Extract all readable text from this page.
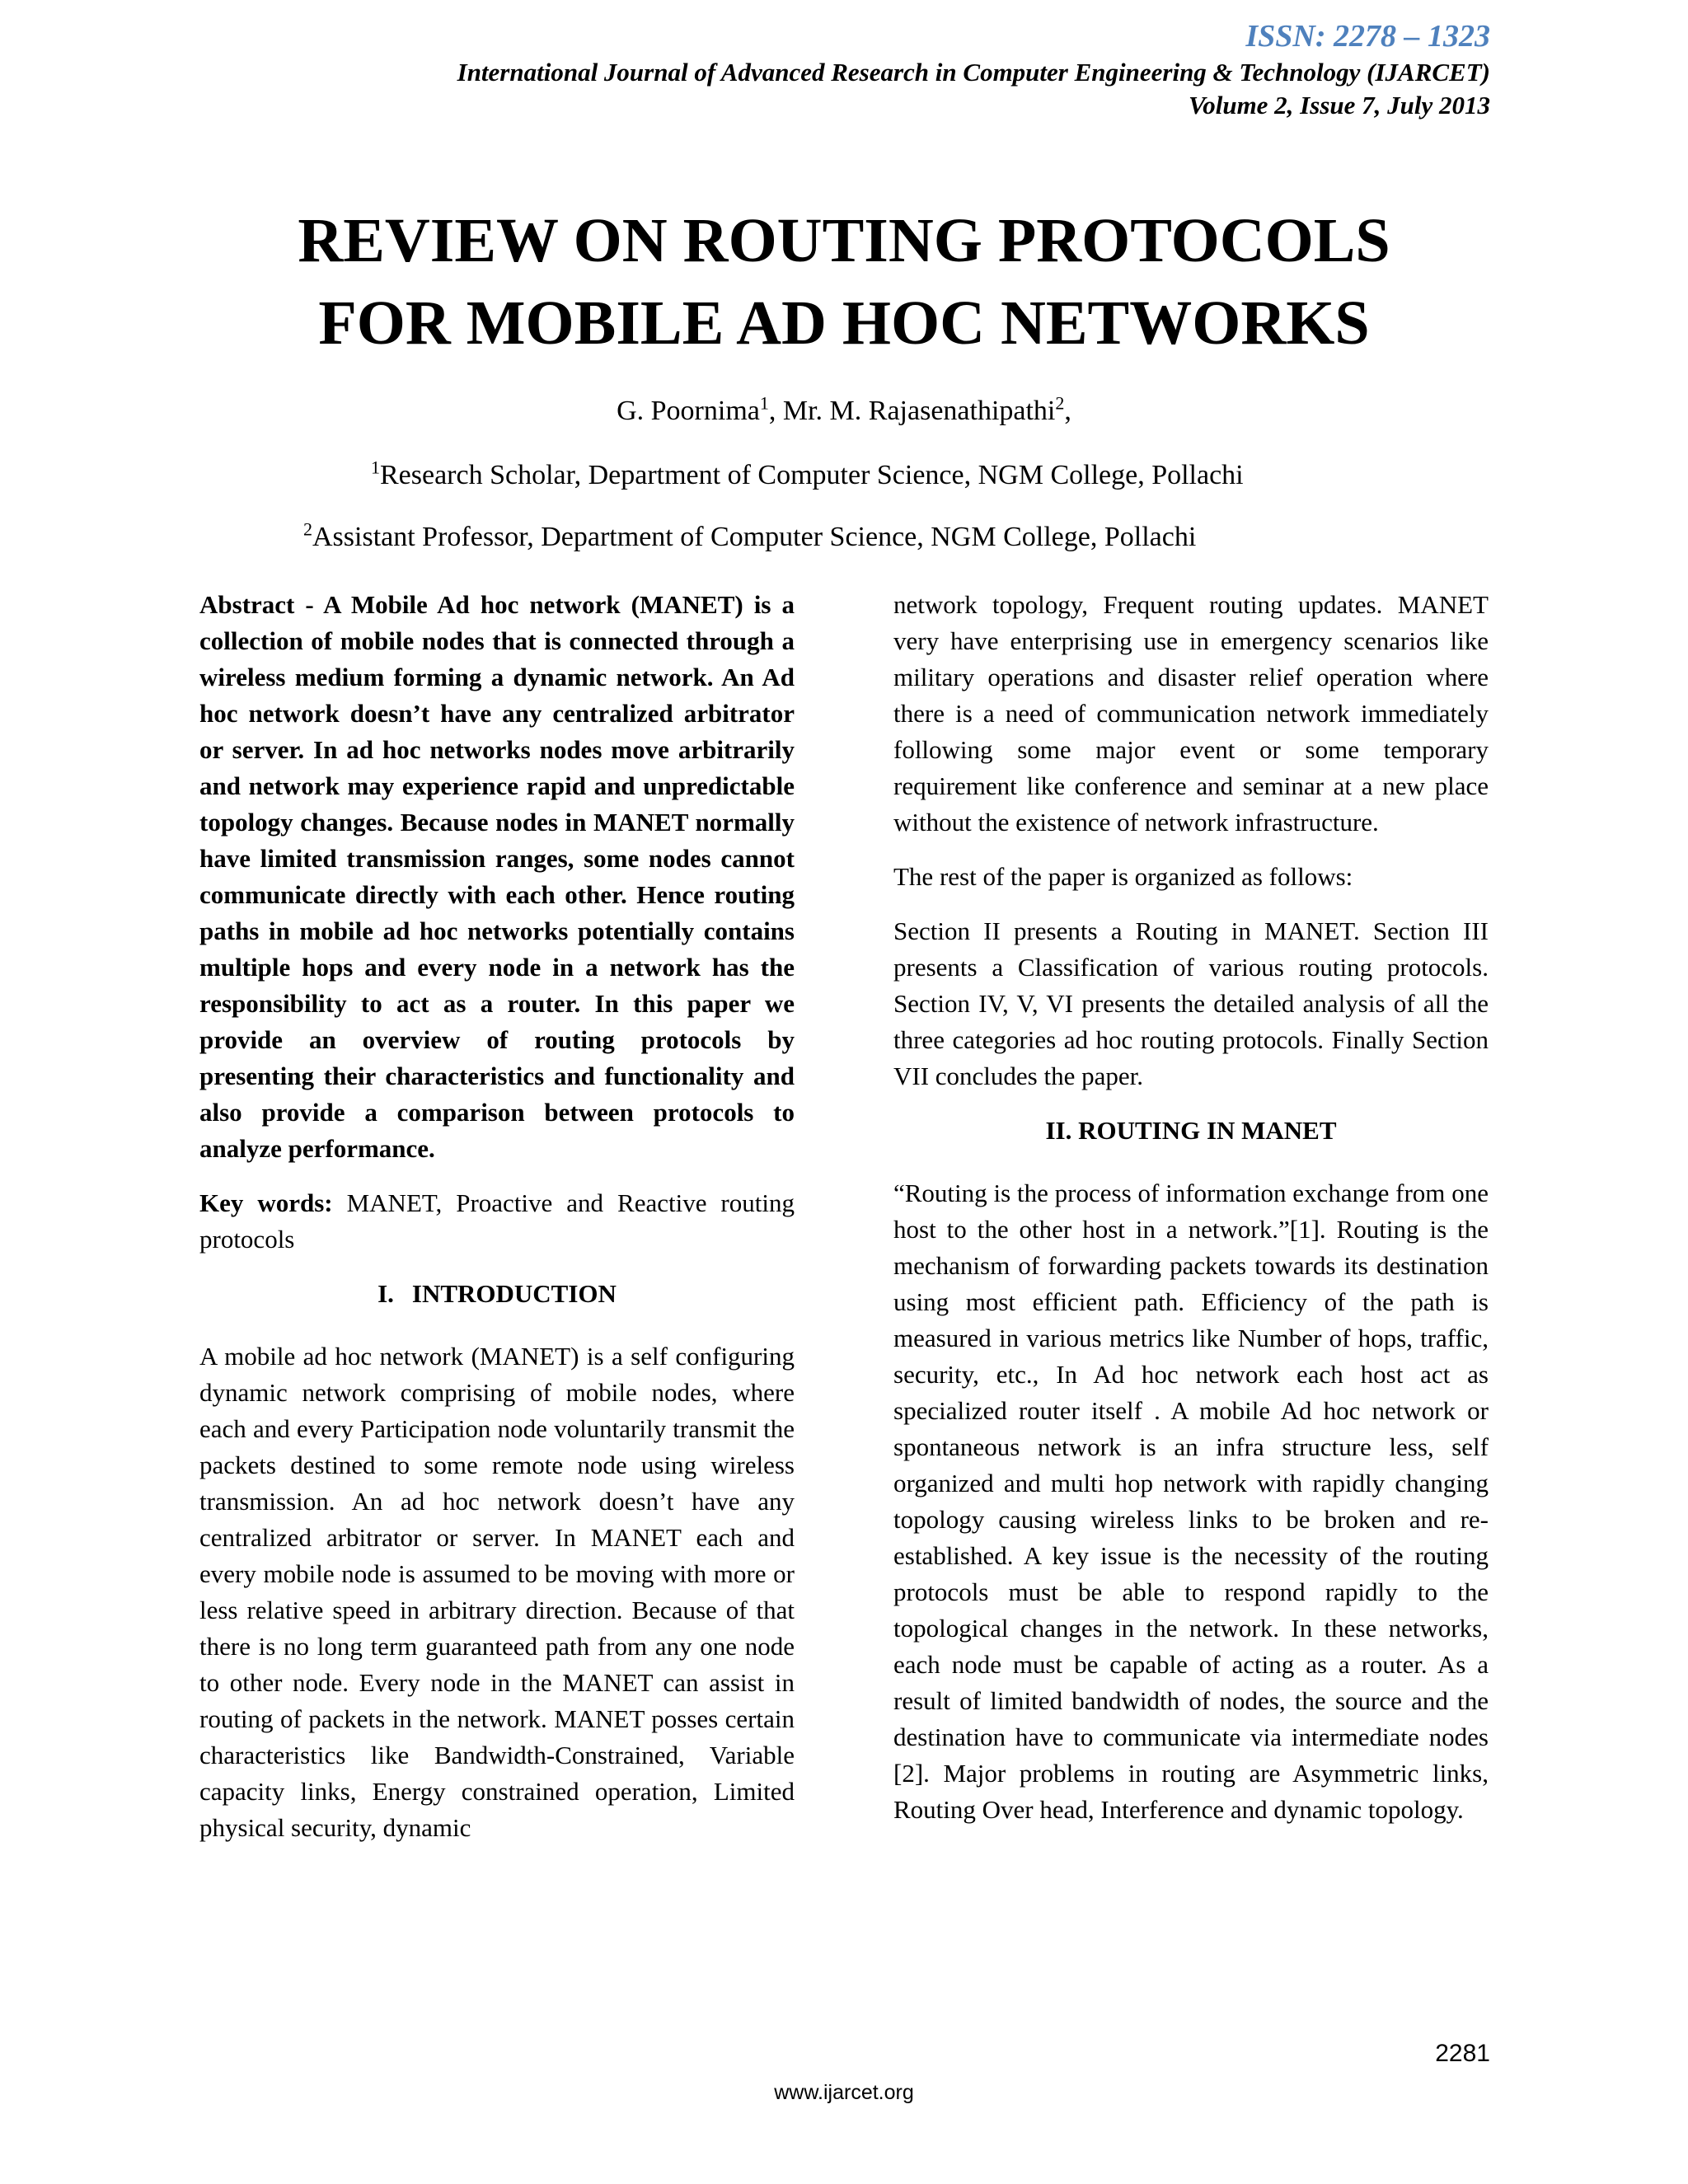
ISSN: 2278 – 1323
International Journal of Advanced Research in Computer Engineering & Technology (IJARCET)
Volume 2, Issue 7, July 2013
REVIEW ON ROUTING PROTOCOLS
FOR MOBILE AD HOC NETWORKS
G. Poornima$^1$, Mr. M. Rajasenathipathi$^2$,
$^1$Research Scholar, Department of Computer Science, NGM College, Pollachi
$^2$Assistant Professor, Department of Computer Science, NGM College, Pollachi

Abstract - A Mobile Ad hoc network (MANET) is a collection of mobile nodes that is connected through a wireless medium forming a dynamic network. An Ad hoc network doesn’t have any centralized arbitrator or server. In ad hoc networks nodes move arbitrarily and network may experience rapid and unpredictable topology changes. Because nodes in MANET normally have limited transmission ranges, some nodes cannot communicate directly with each other. Hence routing paths in mobile ad hoc networks potentially contains multiple hops and every node in a network has the responsibility to act as a router. In this paper we provide an overview of routing protocols by presenting their characteristics and functionality and also provide a comparison between protocols to analyze performance.

Key words: MANET, Proactive and Reactive routing protocols

I. INTRODUCTION

A mobile ad hoc network (MANET) is a self configuring dynamic network comprising of mobile nodes, where each and every Participation node voluntarily transmit the packets destined to some remote node using wireless transmission. An ad hoc network doesn’t have any centralized arbitrator or server. In MANET each and every mobile node is assumed to be moving with more or less relative speed in arbitrary direction. Because of that there is no long term guaranteed path from any one node to other node. Every node in the MANET can assist in routing of packets in the network. MANET posses certain characteristics like Bandwidth-Constrained, Variable capacity links, Energy constrained operation, Limited physical security, dynamic

network topology, Frequent routing updates. MANET very have enterprising use in emergency scenarios like military operations and disaster relief operation where there is a need of communication network immediately following some major event or some temporary requirement like conference and seminar at a new place without the existence of network infrastructure.

The rest of the paper is organized as follows:

Section II presents a Routing in MANET. Section III presents a Classification of various routing protocols. Section IV, V, VI presents the detailed analysis of all the three categories ad hoc routing protocols. Finally Section VII concludes the paper.

II. ROUTING IN MANET

“Routing is the process of information exchange from one host to the other host in a network.”[1]. Routing is the mechanism of forwarding packets towards its destination using most efficient path. Efficiency of the path is measured in various metrics like Number of hops, traffic, security, etc., In Ad hoc network each host act as specialized router itself . A mobile Ad hoc network or spontaneous network is an infra structure less, self organized and multi hop network with rapidly changing topology causing wireless links to be broken and re-established. A key issue is the necessity of the routing protocols must be able to respond rapidly to the topological changes in the network. In these networks, each node must be capable of acting as a router. As a result of limited bandwidth of nodes, the source and the destination have to communicate via intermediate nodes [2]. Major problems in routing are Asymmetric links, Routing Over head, Interference and dynamic topology.

2281
www.ijarcet.org
